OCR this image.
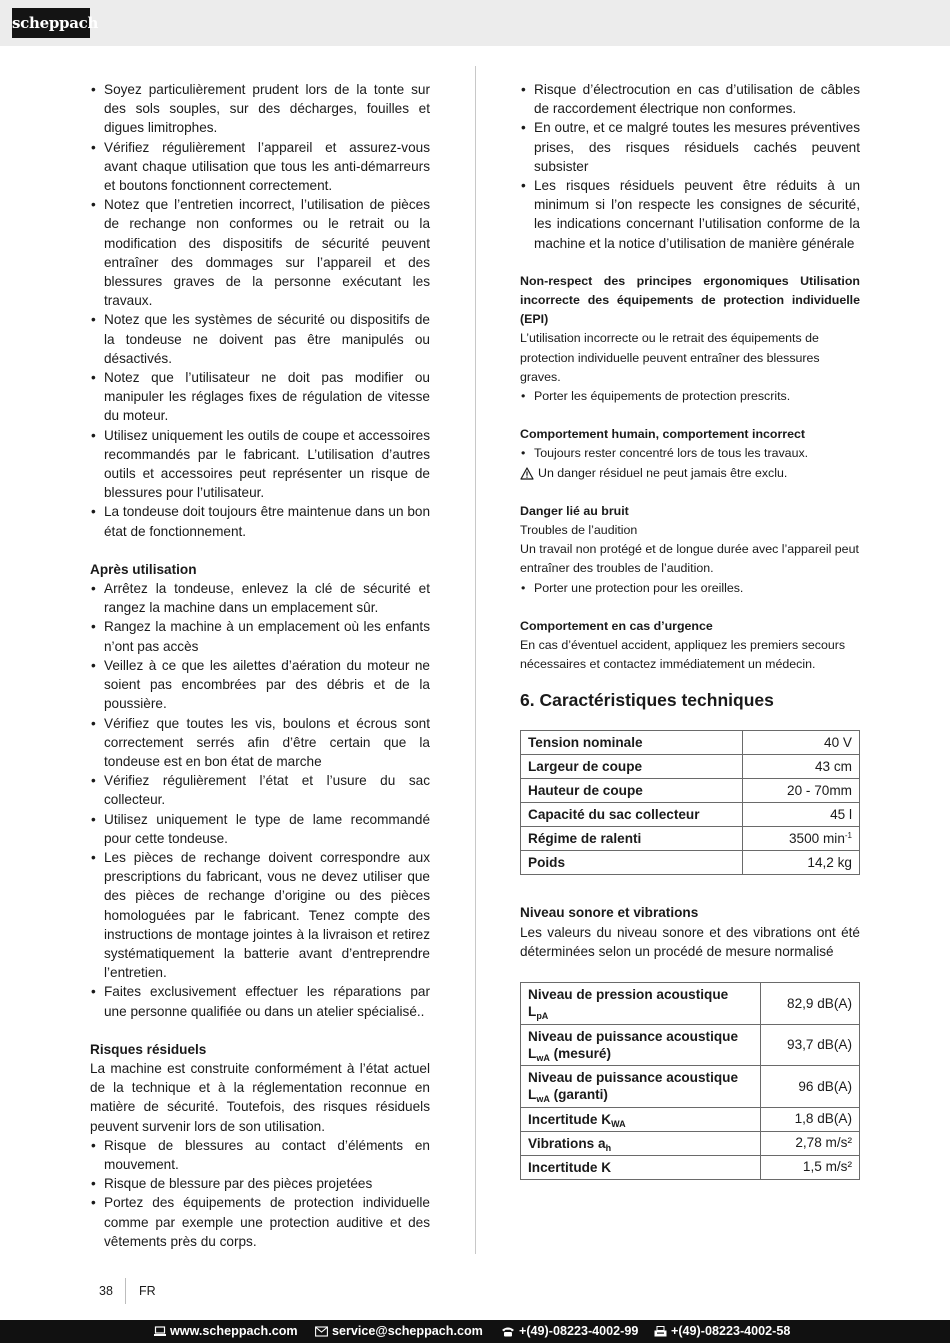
scheppach
• Soyez particulièrement prudent lors de la tonte sur des sols souples, sur des décharges, fouilles et digues limitrophes.
• Vérifiez régulièrement l’appareil et assurez-vous avant chaque utilisation que tous les anti-démarreurs et boutons fonctionnent correctement.
• Notez que l’entretien incorrect, l’utilisation de pièces de rechange non conformes ou le retrait ou la modification des dispositifs de sécurité peuvent entraîner des dommages sur l’appareil et des blessures graves de la personne exécutant les travaux.
• Notez que les systèmes de sécurité ou dispositifs de la tondeuse ne doivent pas être manipulés ou désactivés.
• Notez que l’utilisateur ne doit pas modifier ou manipuler les réglages fixes de régulation de vitesse du moteur.
• Utilisez uniquement les outils de coupe et accessoires recommandés par le fabricant. L’utilisation d’autres outils et accessoires peut représenter un risque de blessures pour l’utilisateur.
• La tondeuse doit toujours être maintenue dans un bon état de fonctionnement.
Après utilisation
• Arrêtez la tondeuse, enlevez la clé de sécurité et rangez la machine dans un emplacement sûr.
• Rangez la machine à un emplacement où les enfants n’ont pas accès
• Veillez à ce que les ailettes d’aération du moteur ne soient pas encombrées par des débris et de la poussière.
• Vérifiez que toutes les vis, boulons et écrous sont correctement serrés afin d’être certain que la tondeuse est en bon état de marche
• Vérifiez régulièrement l’état et l’usure du sac collecteur.
• Utilisez uniquement le type de lame recommandé pour cette tondeuse.
• Les pièces de rechange doivent correspondre aux prescriptions du fabricant, vous ne devez utiliser que des pièces de rechange d’origine ou des pièces homologuées par le fabricant. Tenez compte des instructions de montage jointes à la livraison et retirez systématiquement la batterie avant d’entreprendre l’entretien.
• Faites exclusivement effectuer les réparations par une personne qualifiée ou dans un atelier spécialisé..
Risques résiduels

La machine est construite conformément à l’état actuel de la technique et à la réglementation reconnue en matière de sécurité. Toutefois, des risques résiduels peuvent survenir lors de son utilisation.

• Risque de blessures au contact d’éléments en mouvement.
• Risque de blessure par des pièces projetées
• Portez des équipements de protection individuelle comme par exemple une protection auditive et des vêtements près du corps.
• Risque d’électrocution en cas d’utilisation de câbles de raccordement électrique non conformes.
• En outre, et ce malgré toutes les mesures préventives prises, des risques résiduels cachés peuvent subsister
• Les risques résiduels peuvent être réduits à un minimum si l’on respecte les consignes de sécurité, les indications concernant l’utilisation conforme de la machine et la notice d’utilisation de manière générale
Non-respect des principes ergonomiques Utilisation incorrecte des équipements de protection individuelle (EPI)

L’utilisation incorrecte ou le retrait des équipements de protection individuelle peuvent entraîner des blessures graves.

• Porter les équipements de protection prescrits.
Comportement humain, comportement incorrect
• Toujours rester concentré lors de tous les travaux.
Un danger résiduel ne peut jamais être exclu.
Danger lié au bruit

Troubles de l’audition

Un travail non protégé et de longue durée avec l’appareil peut entraîner des troubles de l’audition.

• Porter une protection pour les oreilles.
Comportement en cas d’urgence

En cas d’éventuel accident, appliquez les premiers secours nécessaires et contactez immédiatement un médecin.

6. Caractéristiques techniques
Tension nominale	40 V
Largeur de coupe	43 cm
Hauteur de coupe	20 - 70mm
Capacité du sac collecteur	45 l
Régime de ralenti	3500 $\min^{-1}$
Poids	14,2 kg
Niveau sonore et vibrations

Les valeurs du niveau sonore et des vibrations ont été déterminées selon un procédé de mesure normalisé

Niveau de pression acoustique
$L_{pA}$	82,9 dB(A)
Niveau de puissance acoustique
$L_{wA}$ (mesuré)	93,7 dB(A)
Niveau de puissance acoustique
$L_{wA}$ (garanti)	96 dB(A)
Incertitude $K_{WA}$	1,8 dB(A)
Vibrations $a_h$	2,78 m/s²
Incertitude K	1,5 m/s²
38 FR
www.scheppach.com	service@scheppach.com	+(49)-08223-4002-99	+(49)-08223-4002-58
